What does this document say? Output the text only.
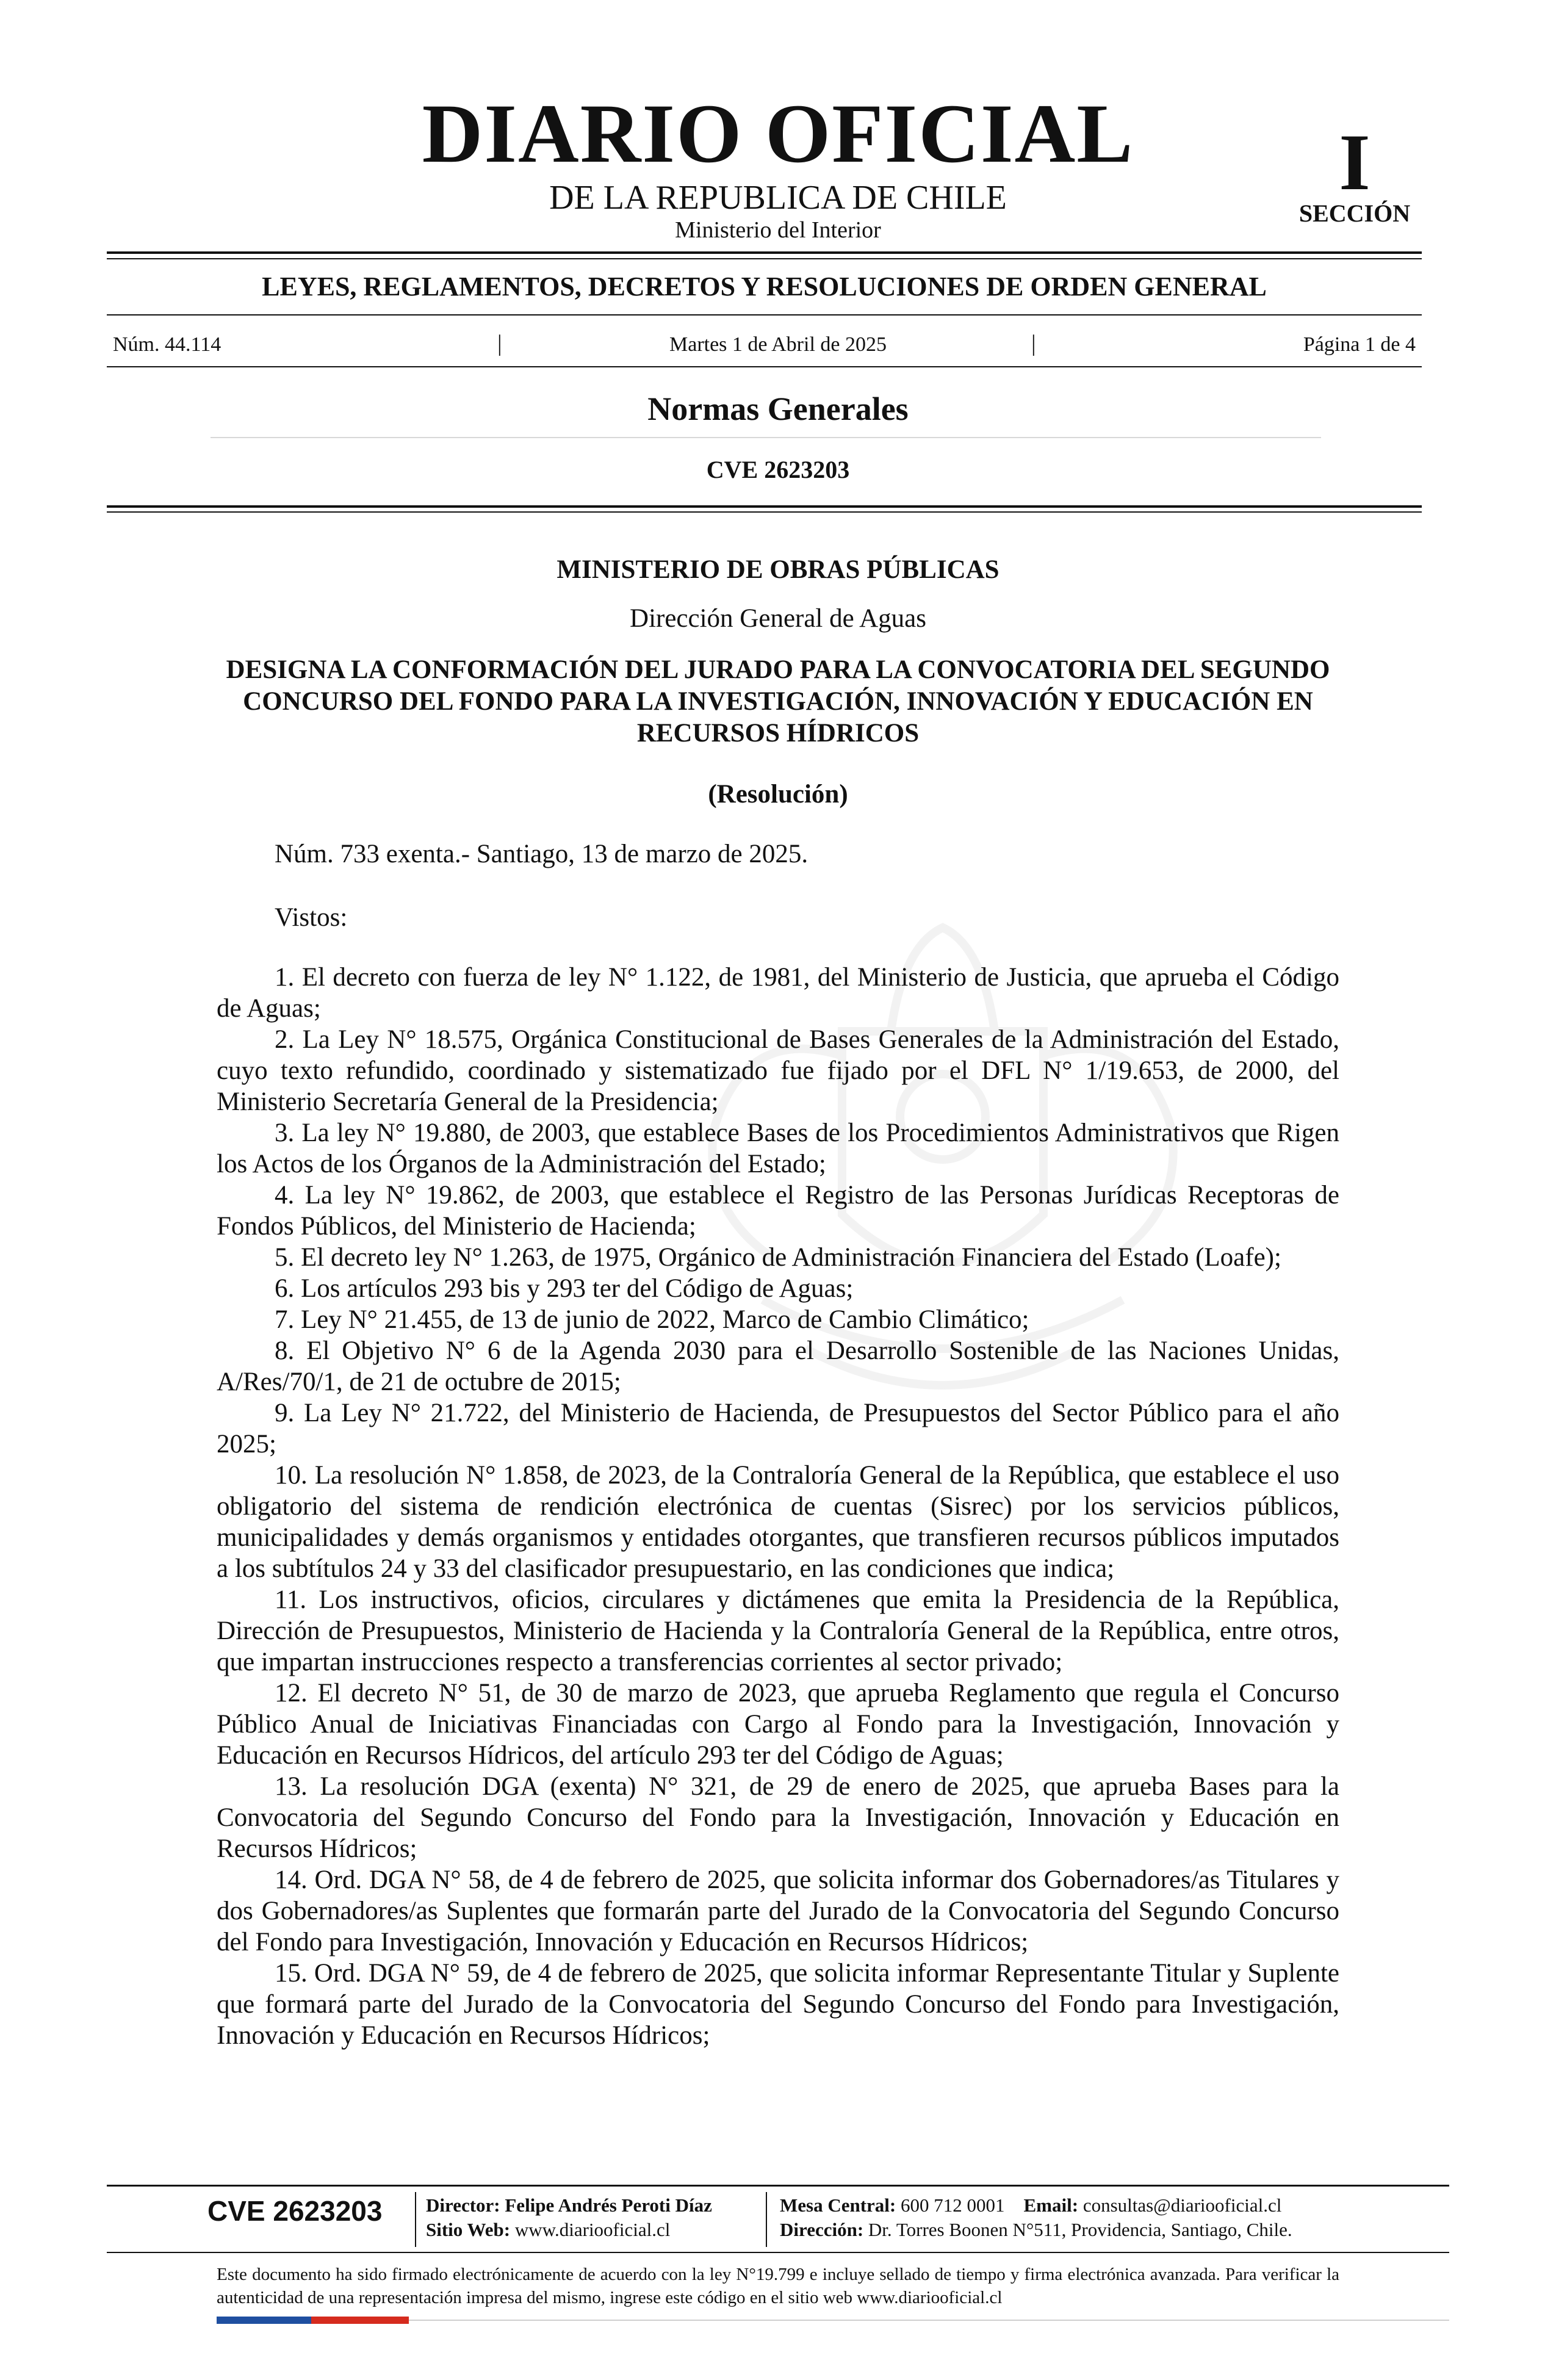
DIARIO OFICIAL
DE LA REPUBLICA DE CHILE
Ministerio del Interior
I
SECCIÓN
LEYES, REGLAMENTOS, DECRETOS Y RESOLUCIONES DE ORDEN GENERAL
Núm. 44.114	|	Martes 1 de Abril de 2025	|	Página 1 de 4
Normas Generales
CVE 2623203
MINISTERIO DE OBRAS PÚBLICAS
Dirección General de Aguas
DESIGNA LA CONFORMACIÓN DEL JURADO PARA LA CONVOCATORIA DEL SEGUNDO CONCURSO DEL FONDO PARA LA INVESTIGACIÓN, INNOVACIÓN Y EDUCACIÓN EN RECURSOS HÍDRICOS
(Resolución)
Núm. 733 exenta.- Santiago, 13 de marzo de 2025.
Vistos:

1. El decreto con fuerza de ley N° 1.122, de 1981, del Ministerio de Justicia, que aprueba el Código de Aguas;

2. La Ley N° 18.575, Orgánica Constitucional de Bases Generales de la Administración del Estado, cuyo texto refundido, coordinado y sistematizado fue fijado por el DFL N° 1/19.653, de 2000, del Ministerio Secretaría General de la Presidencia;

3. La ley N° 19.880, de 2003, que establece Bases de los Procedimientos Administrativos que Rigen los Actos de los Órganos de la Administración del Estado;

4. La ley N° 19.862, de 2003, que establece el Registro de las Personas Jurídicas Receptoras de Fondos Públicos, del Ministerio de Hacienda;

5. El decreto ley N° 1.263, de 1975, Orgánico de Administración Financiera del Estado (Loafe);

6. Los artículos 293 bis y 293 ter del Código de Aguas;

7. Ley N° 21.455, de 13 de junio de 2022, Marco de Cambio Climático;

8. El Objetivo N° 6 de la Agenda 2030 para el Desarrollo Sostenible de las Naciones Unidas, A/Res/70/1, de 21 de octubre de 2015;

9. La Ley N° 21.722, del Ministerio de Hacienda, de Presupuestos del Sector Público para el año 2025;

10. La resolución N° 1.858, de 2023, de la Contraloría General de la República, que establece el uso obligatorio del sistema de rendición electrónica de cuentas (Sisrec) por los servicios públicos, municipalidades y demás organismos y entidades otorgantes, que transfieren recursos públicos imputados a los subtítulos 24 y 33 del clasificador presupuestario, en las condiciones que indica;

11. Los instructivos, oficios, circulares y dictámenes que emita la Presidencia de la República, Dirección de Presupuestos, Ministerio de Hacienda y la Contraloría General de la República, entre otros, que impartan instrucciones respecto a transferencias corrientes al sector privado;

12. El decreto N° 51, de 30 de marzo de 2023, que aprueba Reglamento que regula el Concurso Público Anual de Iniciativas Financiadas con Cargo al Fondo para la Investigación, Innovación y Educación en Recursos Hídricos, del artículo 293 ter del Código de Aguas;

13. La resolución DGA (exenta) N° 321, de 29 de enero de 2025, que aprueba Bases para la Convocatoria del Segundo Concurso del Fondo para la Investigación, Innovación y Educación en Recursos Hídricos;

14. Ord. DGA N° 58, de 4 de febrero de 2025, que solicita informar dos Gobernadores/as Titulares y dos Gobernadores/as Suplentes que formarán parte del Jurado de la Convocatoria del Segundo Concurso del Fondo para Investigación, Innovación y Educación en Recursos Hídricos;

15. Ord. DGA N° 59, de 4 de febrero de 2025, que solicita informar Representante Titular y Suplente que formará parte del Jurado de la Convocatoria del Segundo Concurso del Fondo para Investigación, Innovación y Educación en Recursos Hídricos;

CVE 2623203 Director: Felipe Andrés Peroti Díaz
Sitio Web: www.diariooficial.cl
Mesa Central: 600 712 0001 Email: consultas@diariooficial.cl
Dirección: Dr. Torres Boonen N°511, Providencia, Santiago, Chile.
Este documento ha sido firmado electrónicamente de acuerdo con la ley N°19.799 e incluye sellado de tiempo y firma electrónica avanzada. Para verificar la autenticidad de una representación impresa del mismo, ingrese este código en el sitio web www.diariooficial.cl
